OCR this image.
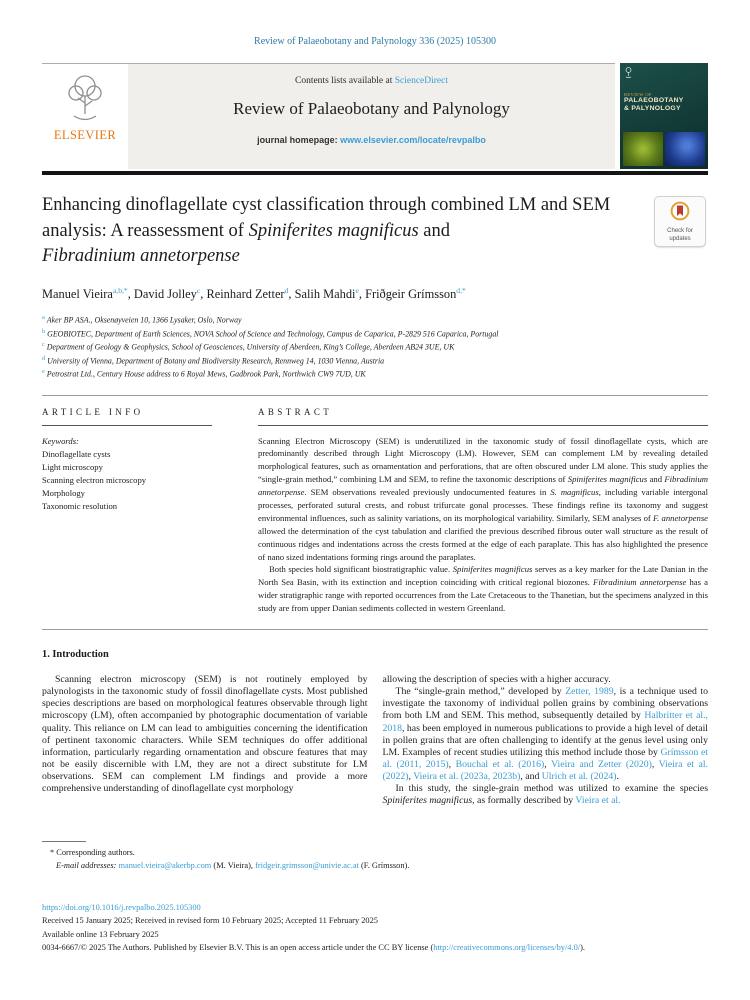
Review of Palaeobotany and Palynology 336 (2025) 105300
ELSEVIER
Contents lists available at ScienceDirect
Review of Palaeobotany and Palynology
journal homepage: www.elsevier.com/locate/revpalbo
REVIEW OF
PALAEOBOTANY
& PALYNOLOGY
Enhancing dinoflagellate cyst classification through combined LM and SEM
analysis: A reassessment of Spiniferites magnificus and
Fibradinium annetorpense
Check for
updates
Manuel Vieira$^{a,b,*}$, David Jolley$^c$, Reinhard Zetter$^d$, Salih Mahdi$^e$, Friðgeir Grímsson$^{d,*}$
$^a$ Aker BP ASA., Oksenøyveien 10, 1366 Lysaker, Oslo, Norway
$^b$ GEOBIOTEC, Department of Earth Sciences, NOVA School of Science and Technology, Campus de Caparica, P-2829 516 Caparica, Portugal
$^c$ Department of Geology & Geophysics, School of Geosciences, University of Aberdeen, King’s College, Aberdeen AB24 3UE, UK
$^d$ University of Vienna, Department of Botany and Biodiversity Research, Rennweg 14, 1030 Vienna, Austria
$^e$ Petrostrat Ltd., Century House address to 6 Royal Mews, Gadbrook Park, Northwich CW9 7UD, UK
ARTICLE INFO
Keywords:
Dinoflagellate cysts
Light microscopy
Scanning electron microscopy
Morphology
Taxonomic resolution
ABSTRACT

Scanning Electron Microscopy (SEM) is underutilized in the taxonomic study of fossil dinoflagellate cysts, which are predominantly described through Light Microscopy (LM). However, SEM can complement LM by revealing detailed morphological features, such as ornamentation and perforations, that are often obscured under LM alone. This study applies the “single-grain method,” combining LM and SEM, to refine the taxonomic descriptions of Spiniferites magnificus and Fibradinium annetorpense. SEM observations revealed previously undocumented features in S. magnificus, including variable intergonal processes, perforated sutural crests, and robust trifurcate gonal processes. These findings refine its taxonomy and suggest environmental influences, such as salinity variations, on its morphological variability. Similarly, SEM analyses of F. annetorpense allowed the determination of the cyst tabulation and clarified the previous described fibrous outer wall structure as the result of continuous ridges and indentations across the crests formed at the edge of each paraplate. This has also highlighted the presence of nano sized indentations forming rings around the paraplates.

Both species hold significant biostratigraphic value. Spiniferites magnificus serves as a key marker for the Late Danian in the North Sea Basin, with its extinction and inception coinciding with critical regional biozones. Fibradinium annetorpense has a wider stratigraphic range with reported occurrences from the Late Cretaceous to the Thanetian, but the specimens analyzed in this study are from upper Danian sediments collected in western Greenland.

1. Introduction

Scanning electron microscopy (SEM) is not routinely employed by palynologists in the taxonomic study of fossil dinoflagellate cysts. Most published species descriptions are based on morphological features observable through light microscopy (LM), often accompanied by photographic documentation of variable quality. This reliance on LM can lead to ambiguities concerning the identification of pertinent taxonomic characters. While SEM techniques do offer additional information, particularly regarding ornamentation and obscure features that may not be easily discernible with LM, they are not a direct substitute for LM observations. SEM can complement LM findings and provide a more comprehensive understanding of dinoflagellate cyst morphology

allowing the description of species with a higher accuracy.

The “single-grain method,” developed by Zetter, 1989, is a technique used to investigate the taxonomy of individual pollen grains by combining observations from both LM and SEM. This method, subsequently detailed by Halbritter et al., 2018, has been employed in numerous publications to provide a high level of detail in pollen grains that are often challenging to identify at the genus level using only LM. Examples of recent studies utilizing this method include those by Grímsson et al. (2011, 2015), Bouchal et al. (2016), Vieira and Zetter (2020), Vieira et al. (2022), Vieira et al. (2023a, 2023b), and Ulrich et al. (2024).

In this study, the single-grain method was utilized to examine the species Spiniferites magnificus, as formally described by Vieira et al.

* Corresponding authors.
E-mail addresses: manuel.vieira@akerbp.com (M. Vieira), fridgeir.grimsson@univie.ac.at (F. Grímsson).
https://doi.org/10.1016/j.revpalbo.2025.105300
Received 15 January 2025; Received in revised form 10 February 2025; Accepted 11 February 2025
Available online 13 February 2025
0034-6667/© 2025 The Authors. Published by Elsevier B.V. This is an open access article under the CC BY license (http://creativecommons.org/licenses/by/4.0/).
